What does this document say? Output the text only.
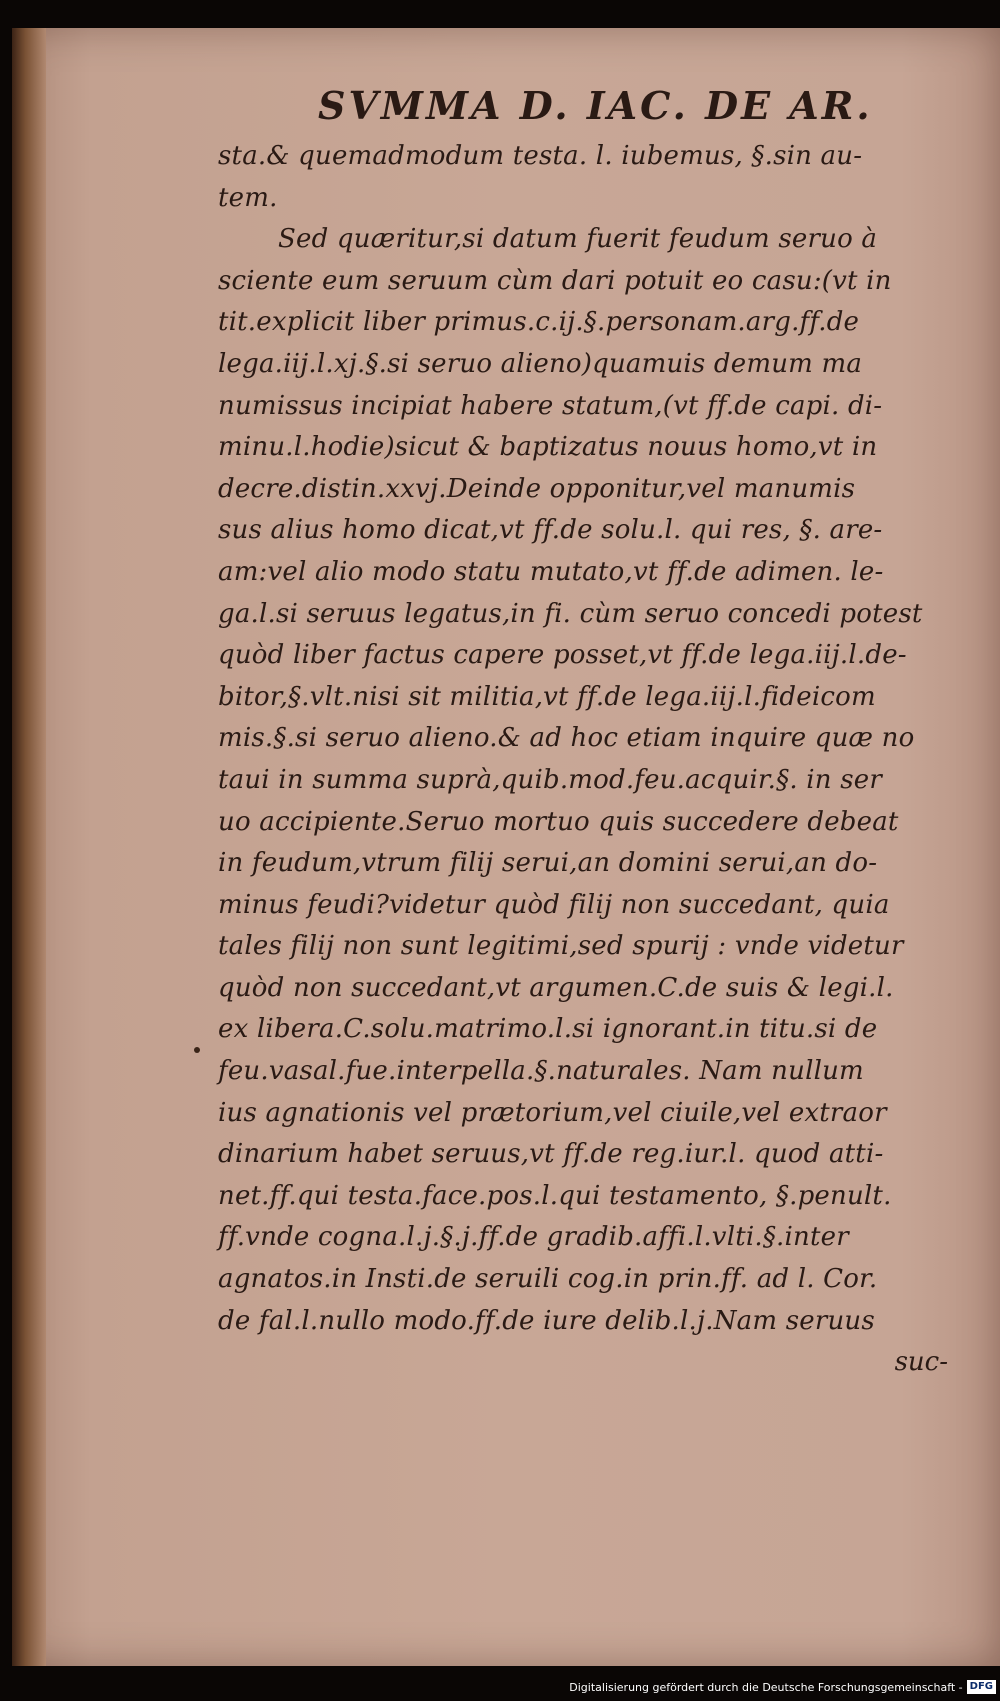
SVMMA D. IAC. DE AR.
sta.& quemadmodum testa. l. iubemus, §.sin au-
tem.
Sed quæritur,si datum fuerit feudum seruo à
sciente eum seruum cùm dari potuit eo casu:(vt in
tit.explicit liber primus.c.ij.§.personam.arg.ff.de
lega.iij.l.xj.§.si seruo alieno)quamuis demum ma
numissus incipiat habere statum,(vt ff.de capi. di-
minu.l.hodie)sicut & baptizatus nouus homo,vt in
decre.distin.xxvj.Deinde opponitur,vel manumis
sus alius homo dicat,vt ff.de solu.l. qui res, §. are-
am:vel alio modo statu mutato,vt ff.de adimen. le-
ga.l.si seruus legatus,in fi. cùm seruo concedi potest
quòd liber factus capere posset,vt ff.de lega.iij.l.de-
bitor,§.vlt.nisi sit militia,vt ff.de lega.iij.l.fideicom
mis.§.si seruo alieno.& ad hoc etiam inquire quæ no
taui in summa suprà,quib.mod.feu.acquir.§. in ser
uo accipiente.Seruo mortuo quis succedere debeat
in feudum,vtrum filij serui,an domini serui,an do-
minus feudi?videtur quòd filij non succedant, quia
tales filij non sunt legitimi,sed spurij : vnde videtur
quòd non succedant,vt argumen.C.de suis & legi.l.
ex libera.C.solu.matrimo.l.si ignorant.in titu.si de
feu.vasal.fue.interpella.§.naturales. Nam nullum
ius agnationis vel prætorium,vel ciuile,vel extraor
dinarium habet seruus,vt ff.de reg.iur.l. quod atti-
net.ff.qui testa.face.pos.l.qui testamento, §.penult.
ff.vnde cogna.l.j.§.j.ff.de gradib.affi.l.vlti.§.inter
agnatos.in Insti.de seruili cog.in prin.ff. ad l. Cor.
de fal.l.nullo modo.ff.de iure delib.l.j.Nam seruus
suc-
Digitalisierung gefördert durch die Deutsche Forschungsgemeinschaft - DFG
